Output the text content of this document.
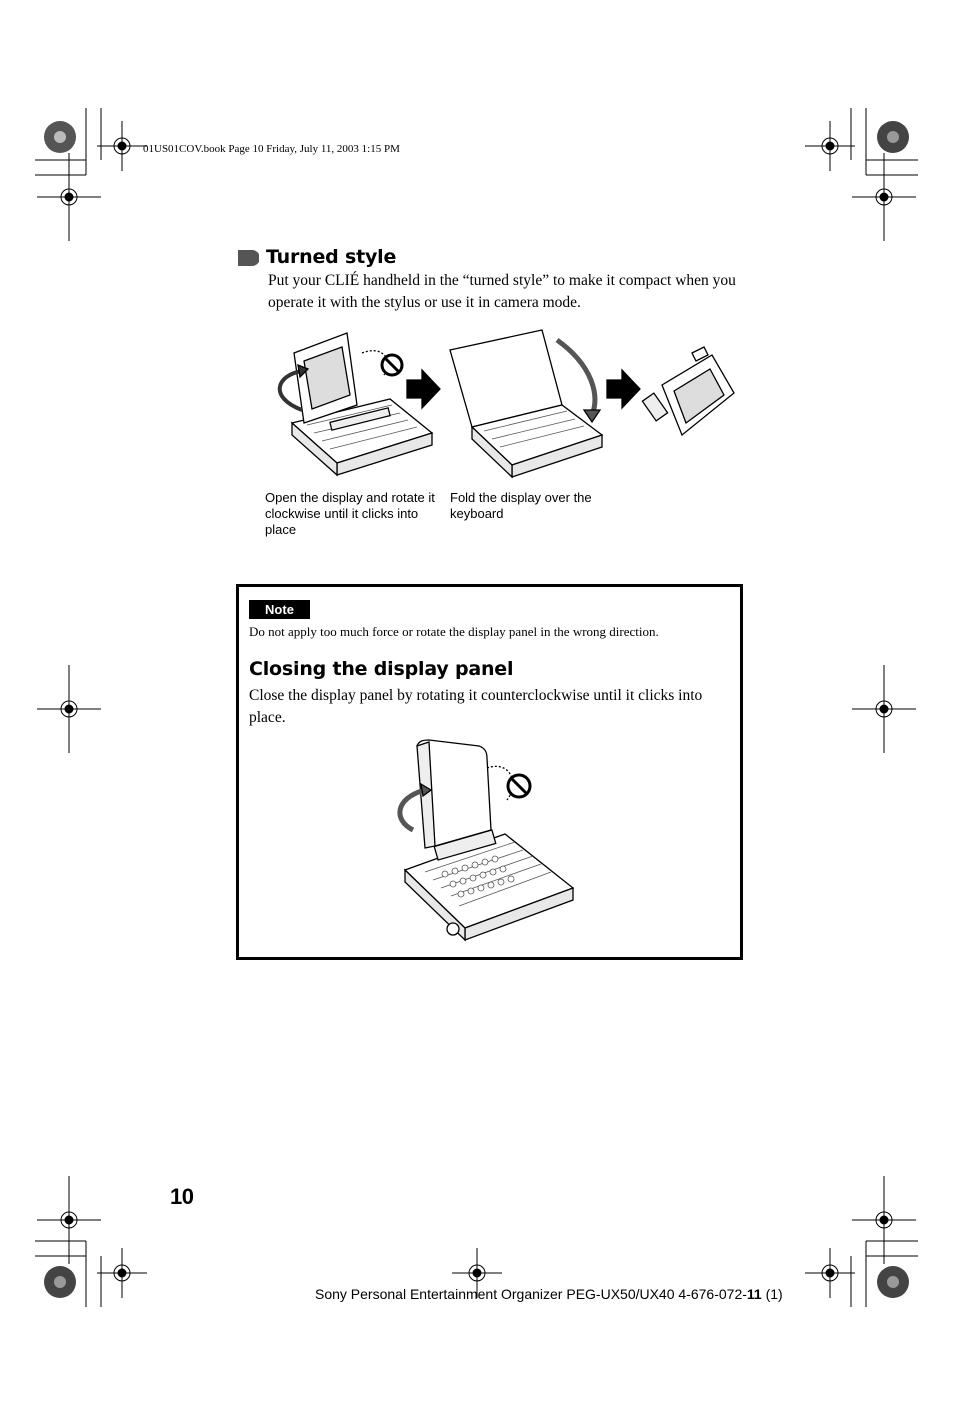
01US01COV.book Page 10 Friday, July 11, 2003 1:15 PM
Turned style
Put your CLIÉ handheld in the “turned style” to make it compact when you operate it with the stylus or use it in camera mode.
Open the display and rotate it clockwise until it clicks into place
Fold the display over the keyboard
Note
Do not apply too much force or rotate the display panel in the wrong direction.
Closing the display panel
Close the display panel by rotating it counterclockwise until it clicks into place.
10
Sony Personal Entertainment Organizer PEG-UX50/UX40 4-676-072-11 (1)
